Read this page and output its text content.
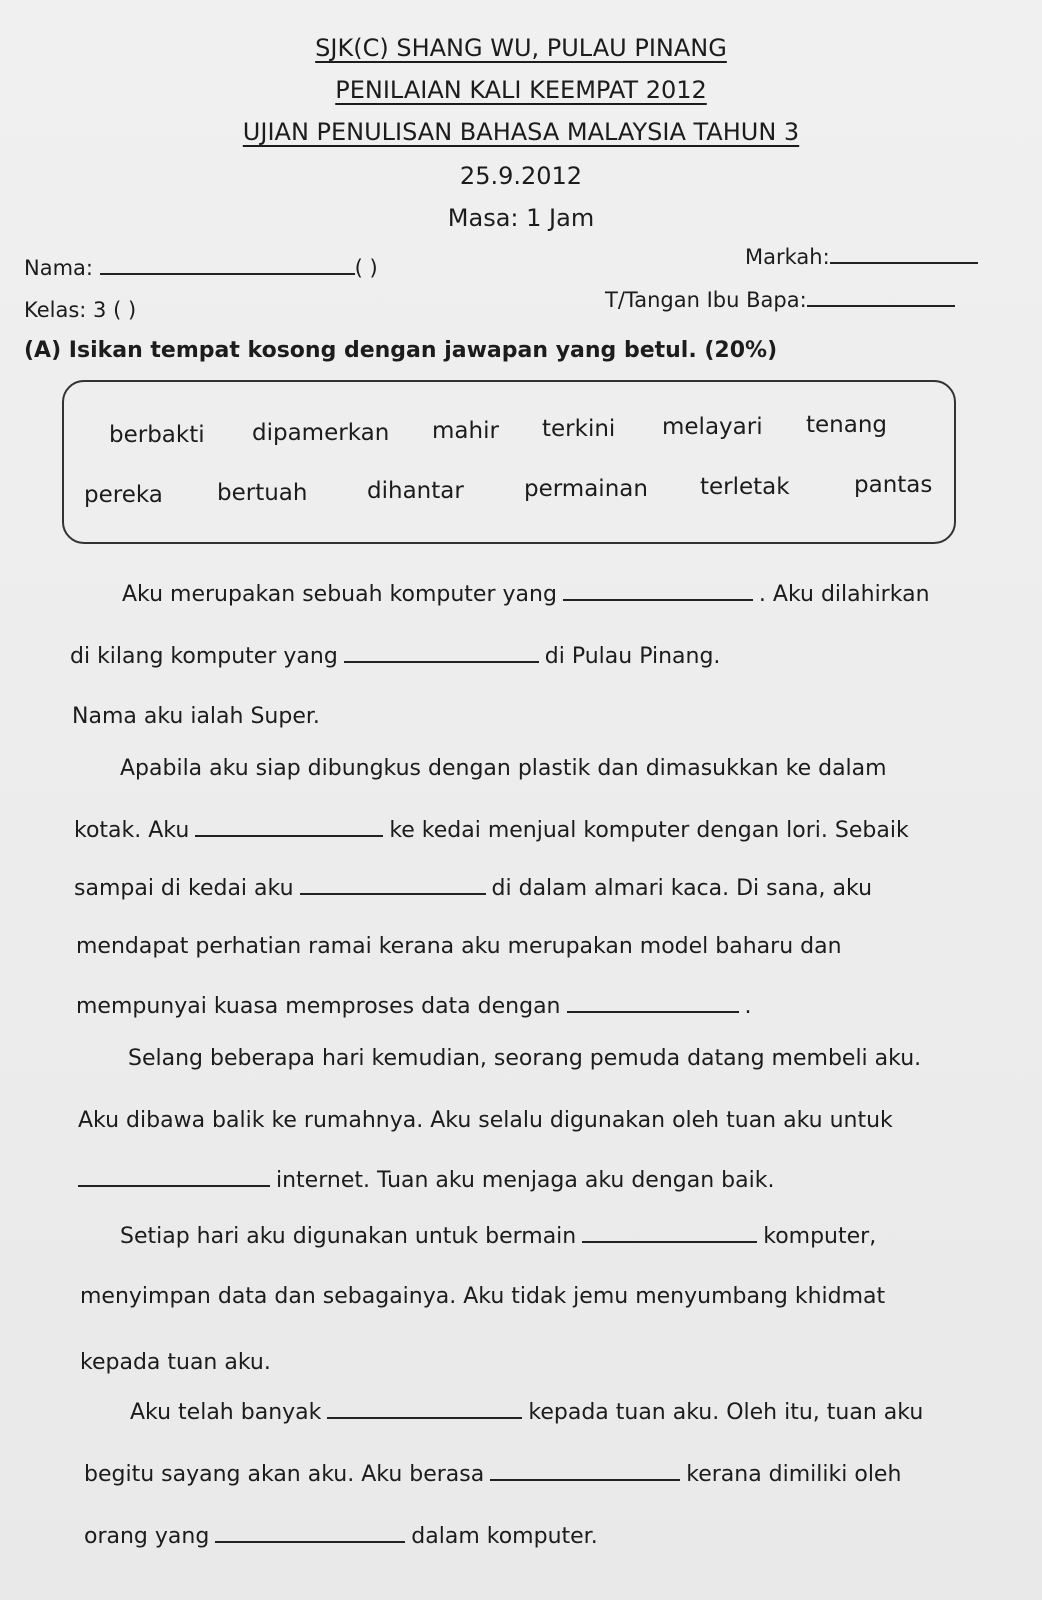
SJK(C) SHANG WU, PULAU PINANG
PENILAIAN KALI KEEMPAT 2012
UJIAN PENULISAN BAHASA MALAYSIA TAHUN 3
25.9.2012
Masa: 1 Jam
Nama:	( )	Markah:
Kelas: 3 ( )	T/Tangan Ibu Bapa:
(A) Isikan tempat kosong dengan jawapan yang betul. (20%)
berbakti dipamerkan mahir terkini melayari tenang
pereka bertuah	dihantar	permainan terletak	pantas
Aku merupakan sebuah komputer yang	. Aku dilahirkan
di kilang komputer yang	di Pulau Pinang.
Nama aku ialah Super.
Apabila aku siap dibungkus dengan plastik dan dimasukkan ke dalam
kotak. Aku	ke kedai menjual komputer dengan lori. Sebaik
sampai di kedai aku	di dalam almari kaca. Di sana, aku
mendapat perhatian ramai kerana aku merupakan model baharu dan
mempunyai kuasa memproses data dengan	.
Selang beberapa hari kemudian, seorang pemuda datang membeli aku.
Aku dibawa balik ke rumahnya. Aku selalu digunakan oleh tuan aku untuk
internet. Tuan aku menjaga aku dengan baik.
Setiap hari aku digunakan untuk bermain	komputer,
menyimpan data dan sebagainya. Aku tidak jemu menyumbang khidmat
kepada tuan aku.
Aku telah banyak	kepada tuan aku. Oleh itu, tuan aku
begitu sayang akan aku. Aku berasa	kerana dimiliki oleh
orang yang	dalam komputer.
